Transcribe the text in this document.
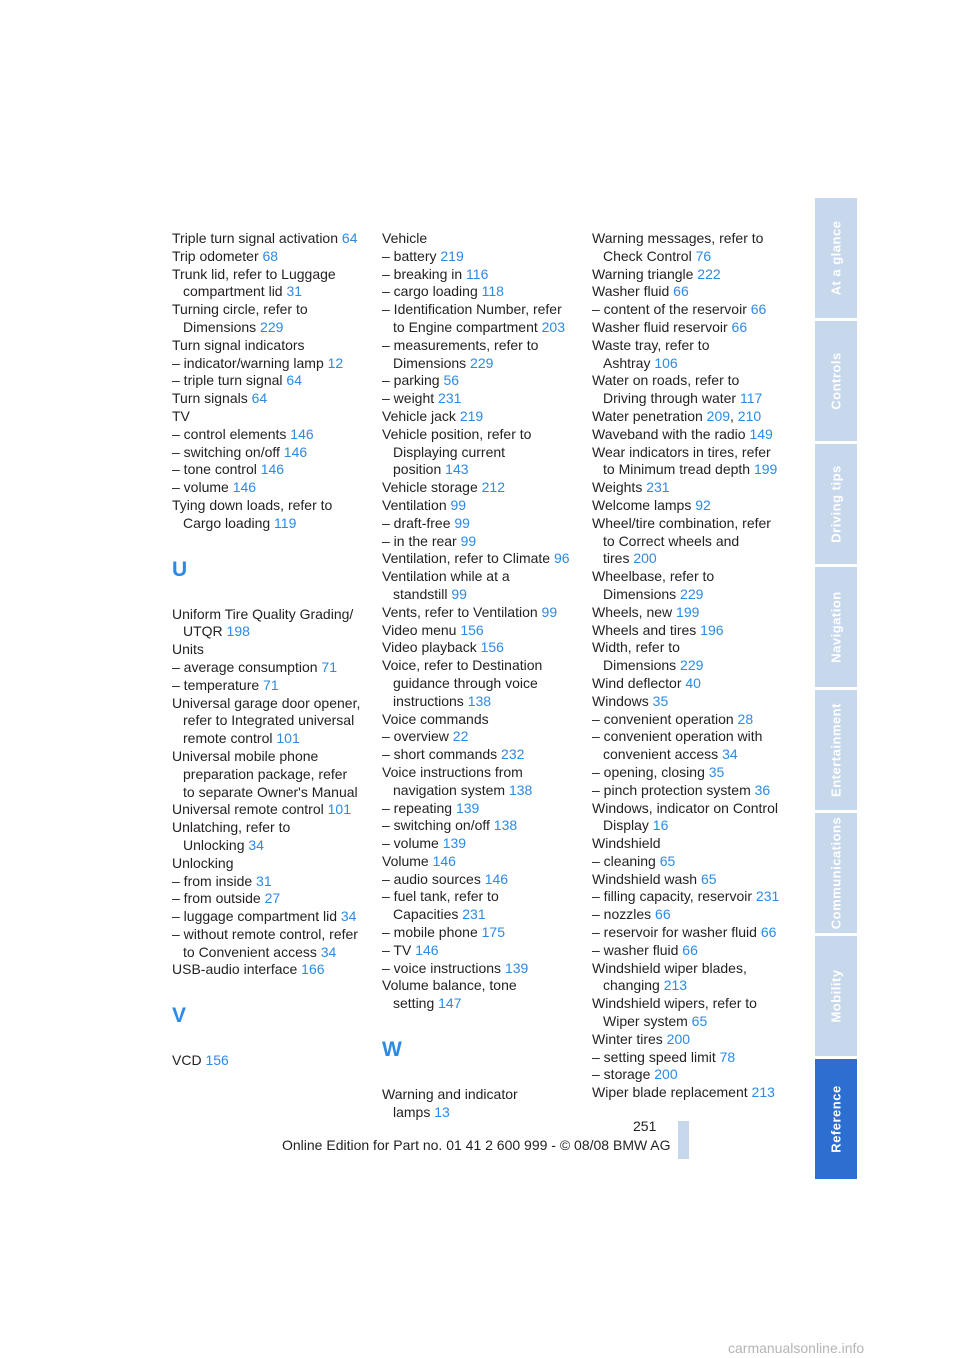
Triple turn signal activation 64
Trip odometer 68
Trunk lid, refer to Luggage
compartment lid 31
Turning circle, refer to
Dimensions 229
Turn signal indicators
– indicator/warning lamp 12
– triple turn signal 64
Turn signals 64
TV
– control elements 146
– switching on/off 146
– tone control 146
– volume 146
Tying down loads, refer to
Cargo loading 119
U
Uniform Tire Quality Grading/
UTQR 198
Units
– average consumption 71
– temperature 71
Universal garage door opener,
refer to Integrated universal
remote control 101
Universal mobile phone
preparation package, refer
to separate Owner's Manual
Universal remote control 101
Unlatching, refer to
Unlocking 34
Unlocking
– from inside 31
– from outside 27
– luggage compartment lid 34
– without remote control, refer
to Convenient access 34
USB-audio interface 166
V
VCD 156
Vehicle
– battery 219
– breaking in 116
– cargo loading 118
– Identification Number, refer
to Engine compartment 203
– measurements, refer to
Dimensions 229
– parking 56
– weight 231
Vehicle jack 219
Vehicle position, refer to
Displaying current
position 143
Vehicle storage 212
Ventilation 99
– draft-free 99
– in the rear 99
Ventilation, refer to Climate 96
Ventilation while at a
standstill 99
Vents, refer to Ventilation 99
Video menu 156
Video playback 156
Voice, refer to Destination
guidance through voice
instructions 138
Voice commands
– overview 22
– short commands 232
Voice instructions from
navigation system 138
– repeating 139
– switching on/off 138
– volume 139
Volume 146
– audio sources 146
– fuel tank, refer to
Capacities 231
– mobile phone 175
– TV 146
– voice instructions 139
Volume balance, tone
setting 147
W
Warning and indicator
lamps 13
Warning messages, refer to
Check Control 76
Warning triangle 222
Washer fluid 66
– content of the reservoir 66
Washer fluid reservoir 66
Waste tray, refer to
Ashtray 106
Water on roads, refer to
Driving through water 117
Water penetration 209, 210
Waveband with the radio 149
Wear indicators in tires, refer
to Minimum tread depth 199
Weights 231
Welcome lamps 92
Wheel/tire combination, refer
to Correct wheels and
tires 200
Wheelbase, refer to
Dimensions 229
Wheels, new 199
Wheels and tires 196
Width, refer to
Dimensions 229
Wind deflector 40
Windows 35
– convenient operation 28
– convenient operation with
convenient access 34
– opening, closing 35
– pinch protection system 36
Windows, indicator on Control
Display 16
Windshield
– cleaning 65
Windshield wash 65
– filling capacity, reservoir 231
– nozzles 66
– reservoir for washer fluid 66
– washer fluid 66
Windshield wiper blades,
changing 213
Windshield wipers, refer to
Wiper system 65
Winter tires 200
– setting speed limit 78
– storage 200
Wiper blade replacement 213
At a glance
Controls
Driving tips
Navigation
Entertainment
Communications
Mobility
Reference
251
Online Edition for Part no. 01 41 2 600 999 - © 08/08 BMW AG
carmanualsonline.info
